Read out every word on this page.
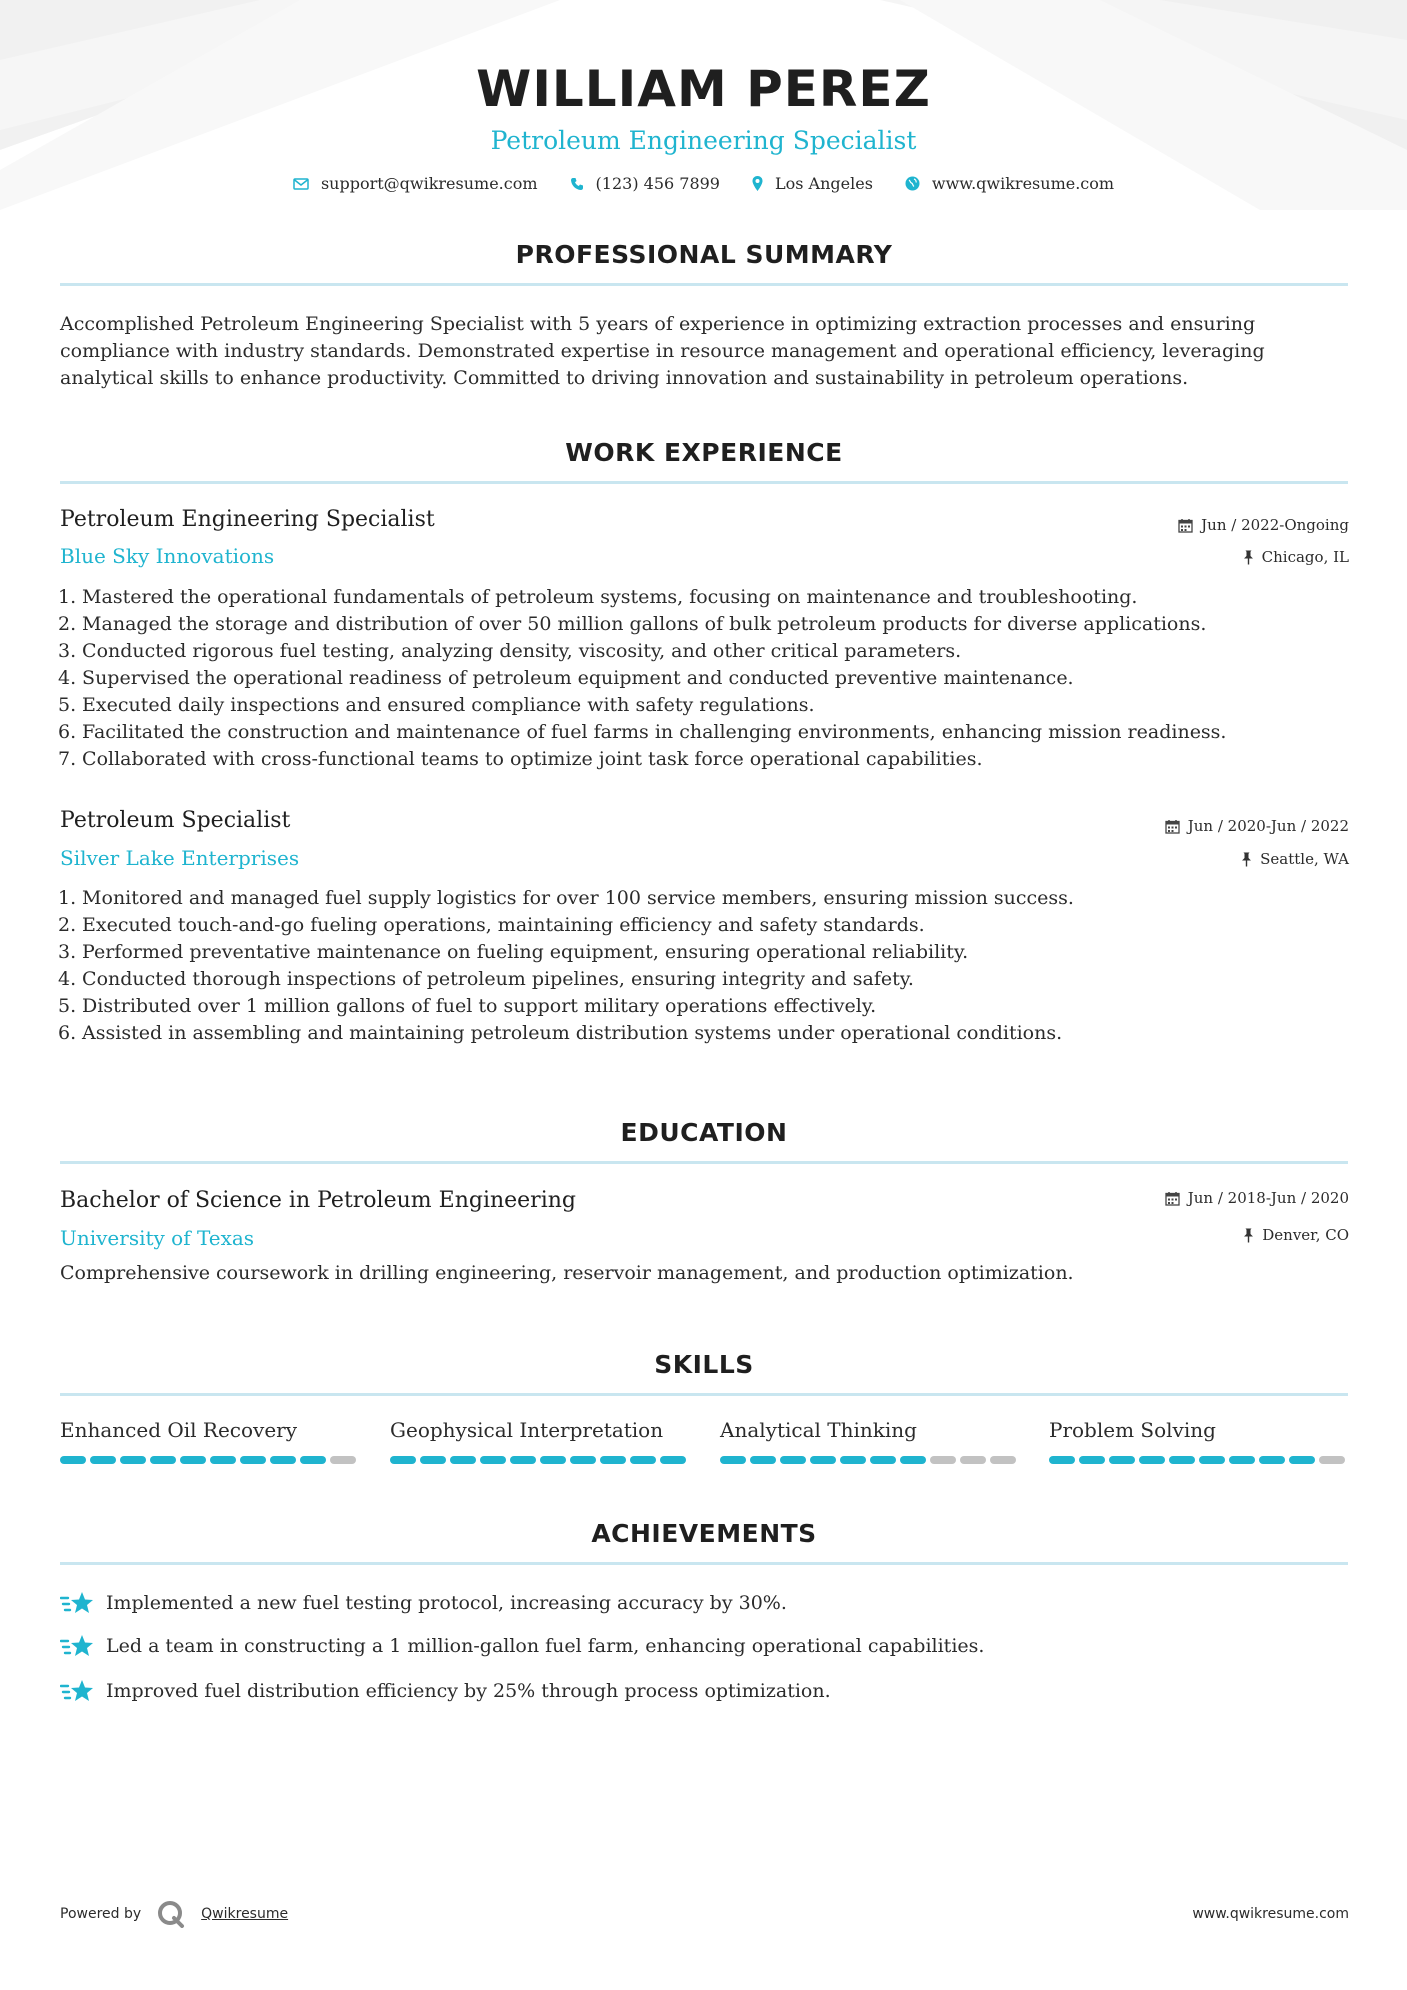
WILLIAM PEREZ
Petroleum Engineering Specialist
support@qwikresume.com	(123) 456 7899	Los Angeles	www.qwikresume.com
PROFESSIONAL SUMMARY
Accomplished Petroleum Engineering Specialist with 5 years of experience in optimizing extraction processes and ensuring compliance with industry standards. Demonstrated expertise in resource management and operational efficiency, leveraging analytical skills to enhance productivity. Committed to driving innovation and sustainability in petroleum operations.
WORK EXPERIENCE
Petroleum Engineering Specialist
Blue Sky Innovations
Jun / 2022-Ongoing
Chicago, IL
1. Mastered the operational fundamentals of petroleum systems, focusing on maintenance and troubleshooting.
2. Managed the storage and distribution of over 50 million gallons of bulk petroleum products for diverse applications.
3. Conducted rigorous fuel testing, analyzing density, viscosity, and other critical parameters.
4. Supervised the operational readiness of petroleum equipment and conducted preventive maintenance.
5. Executed daily inspections and ensured compliance with safety regulations.
6. Facilitated the construction and maintenance of fuel farms in challenging environments, enhancing mission readiness.
7. Collaborated with cross-functional teams to optimize joint task force operational capabilities.
Petroleum Specialist
Silver Lake Enterprises
Jun / 2020-Jun / 2022
Seattle, WA
1. Monitored and managed fuel supply logistics for over 100 service members, ensuring mission success.
2. Executed touch-and-go fueling operations, maintaining efficiency and safety standards.
3. Performed preventative maintenance on fueling equipment, ensuring operational reliability.
4. Conducted thorough inspections of petroleum pipelines, ensuring integrity and safety.
5. Distributed over 1 million gallons of fuel to support military operations effectively.
6. Assisted in assembling and maintaining petroleum distribution systems under operational conditions.
EDUCATION
Bachelor of Science in Petroleum Engineering
University of Texas
Jun / 2018-Jun / 2020
Denver, CO
Comprehensive coursework in drilling engineering, reservoir management, and production optimization.
SKILLS
Enhanced Oil Recovery	Geophysical Interpretation	Analytical Thinking	Problem Solving
ACHIEVEMENTS
Implemented a new fuel testing protocol, increasing accuracy by 30%.
Led a team in constructing a 1 million-gallon fuel farm, enhancing operational capabilities.
Improved fuel distribution efficiency by 25% through process optimization.
Powered by	Qwikresume	www.qwikresume.com
